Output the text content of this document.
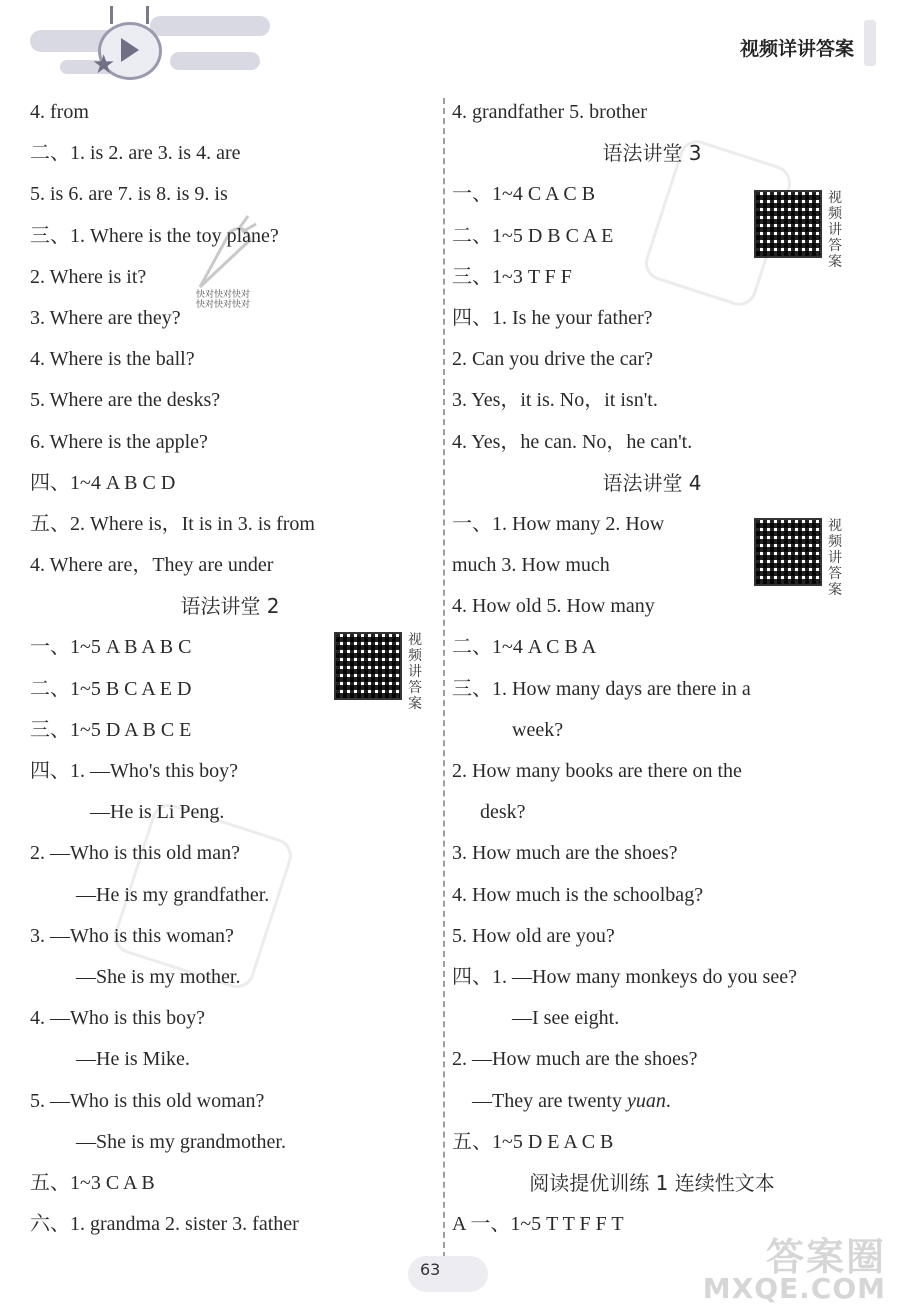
★
视频详讲答案
快对快对快对
快对快对快对
4. from
二、1. is 2. are 3. is 4. are
5. is 6. are 7. is 8. is 9. is
三、1. Where is the toy plane?
2. Where is it?
3. Where are they?
4. Where is the ball?
5. Where are the desks?
6. Where is the apple?
四、1~4 A B C D
五、2. Where is，It is in 3. is from
4. Where are，They are under
语法讲堂 2
一、1~5 A B A B C
二、1~5 B C A E D
三、1~5 D A B C E
四、1. —Who's this boy?
—He is Li Peng.
2. —Who is this old man?
—He is my grandfather.
3. —Who is this woman?
—She is my mother.
4. —Who is this boy?
—He is Mike.
5. —Who is this old woman?
—She is my grandmother.
五、1~3 C A B
六、1. grandma 2. sister 3. father
视频讲答案
视频讲答案
视频讲答案
4. grandfather 5. brother
语法讲堂 3
一、1~4 C A C B
二、1~5 D B C A E
三、1~3 T F F
四、1. Is he your father?
2. Can you drive the car?
3. Yes，it is. No，it isn't.
4. Yes，he can. No，he can't.
语法讲堂 4
一、1. How many 2. How
much 3. How much
4. How old 5. How many
二、1~4 A C B A
三、1. How many days are there in a
week?
2. How many books are there on the
desk?
3. How much are the shoes?
4. How much is the schoolbag?
5. How old are you?
四、1. —How many monkeys do you see?
—I see eight.
2. —How much are the shoes?
—They are twenty yuan.
五、1~5 D E A C B
阅读提优训练 1 连续性文本
A 一、1~5 T T F F T
63	答案圈
MXQE.COM
